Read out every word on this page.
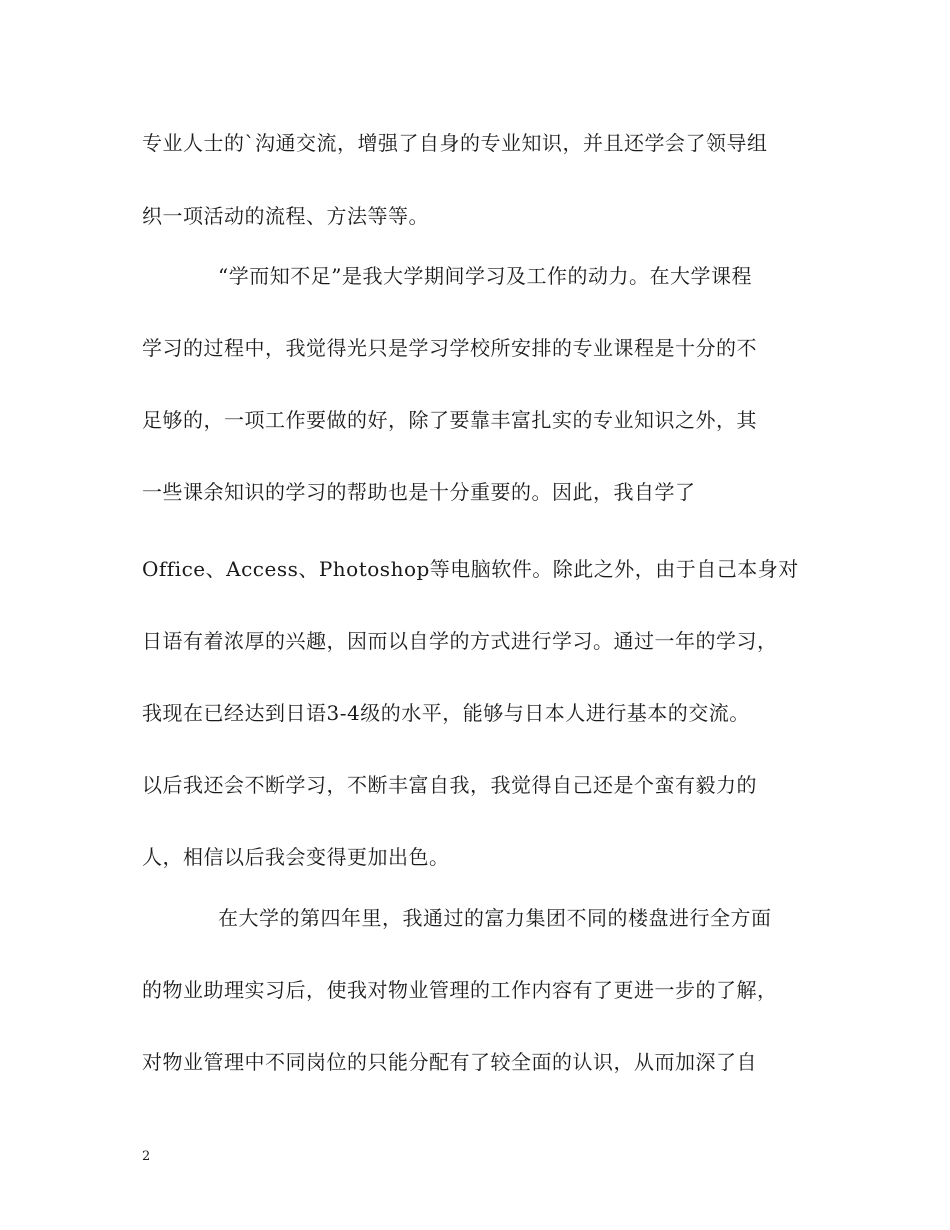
专业人士的`沟通交流，增强了自身的专业知识，并且还学会了领导组
织一项活动的流程、方法等等。
“学而知不足”是我大学期间学习及工作的动力。在大学课程
学习的过程中，我觉得光只是学习学校所安排的专业课程是十分的不
足够的，一项工作要做的好，除了要靠丰富扎实的专业知识之外，其
一些课余知识的学习的帮助也是十分重要的。因此，我自学了
Office、Access、Photoshop等电脑软件。除此之外，由于自己本身对
日语有着浓厚的兴趣，因而以自学的方式进行学习。通过一年的学习，
我现在已经达到日语3-4级的水平，能够与日本人进行基本的交流。
以后我还会不断学习，不断丰富自我，我觉得自己还是个蛮有毅力的
人，相信以后我会变得更加出色。
在大学的第四年里，我通过的富力集团不同的楼盘进行全方面
的物业助理实习后，使我对物业管理的工作内容有了更进一步的了解，
对物业管理中不同岗位的只能分配有了较全面的认识，从而加深了自
2
